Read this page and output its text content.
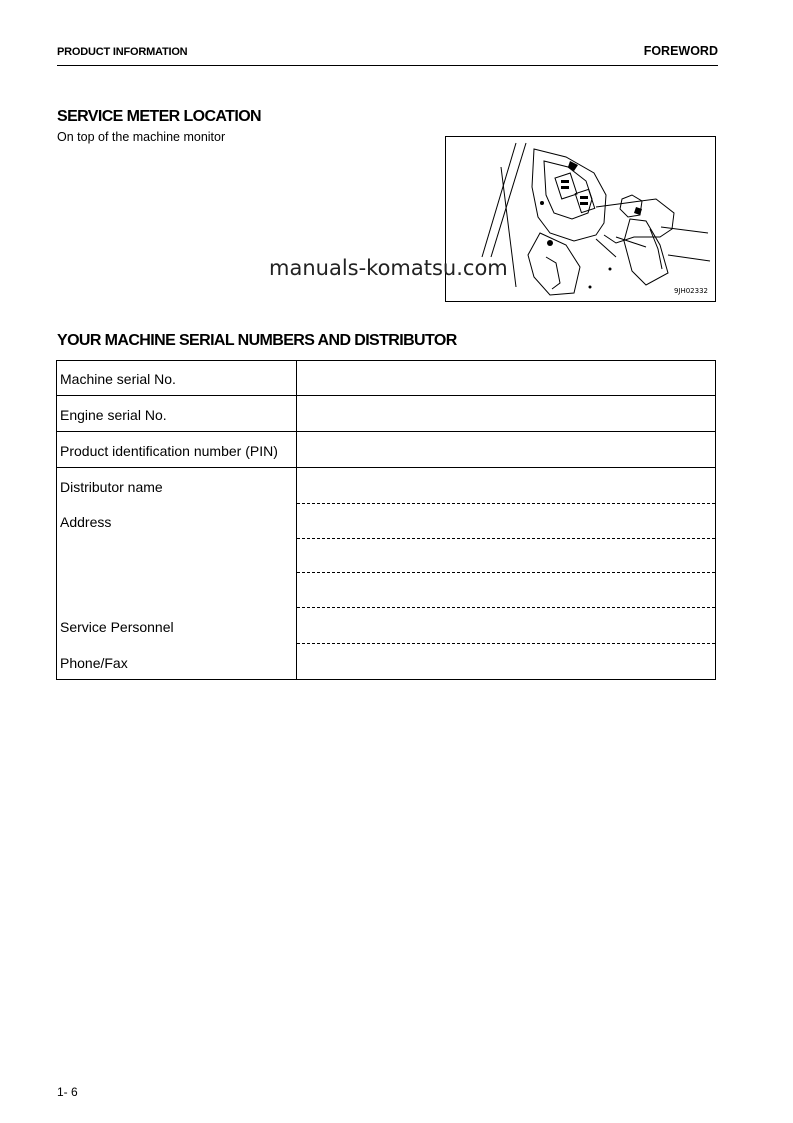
PRODUCT INFORMATION	FOREWORD
SERVICE METER LOCATION
On top of the machine monitor
9JH02332
manuals-komatsu.com
YOUR MACHINE SERIAL NUMBERS AND DISTRIBUTOR
Machine serial No.
Engine serial No.
Product identification number (PIN)
Distributor name
Address
Service Personnel
Phone/Fax
1- 6
